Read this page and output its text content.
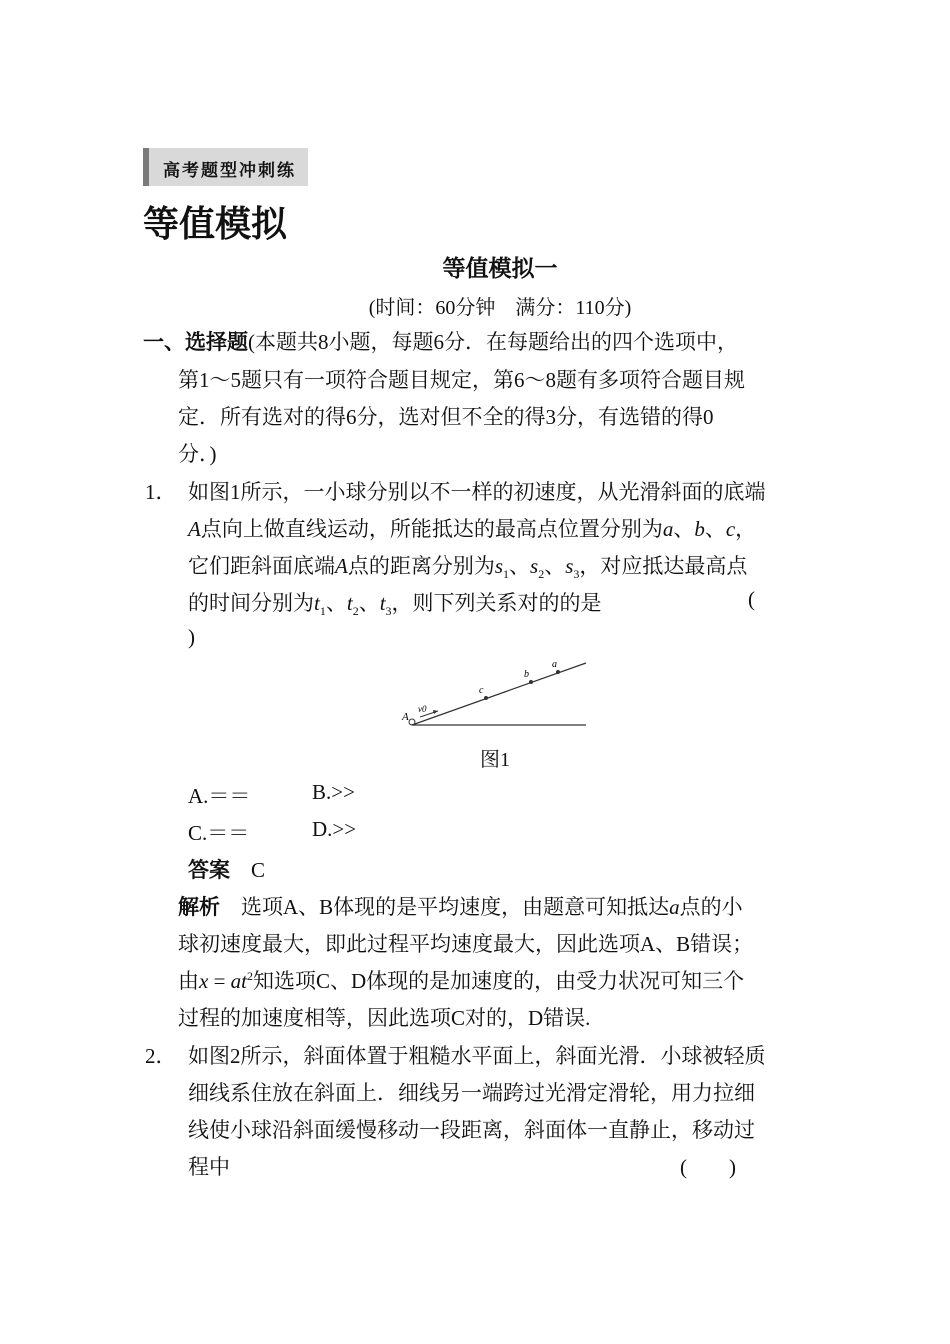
高考题型冲刺练
等值模拟
等值模拟一
(时间：60分钟　满分：110分)
一、选择题(本题共8小题，每题6分．在每题给出的四个选项中，
第1～5题只有一项符合题目规定，第6～8题有多项符合题目规
定．所有选对的得6分，选对但不全的得3分，有选错的得0
分．)
1． 如图1所示，一小球分别以不一样的初速度，从光滑斜面的底端
A点向上做直线运动，所能抵达的最高点位置分别为a、b、c，
它们距斜面底端A点的距离分别为$s_1$、$s_2$、$s_3$，对应抵达最高点
的时间分别为$t_1$、$t_2$、$t_3$，则下列关系对的的是	(
)
A
v0
c
b
a
图1
A.＝＝	B.>>
C.＝＝	D.>>
答案　 C
解析　 选项A、B体现的是平均速度，由题意可知抵达a点的小
球初速度最大，即此过程平均速度最大，因此选项A、B错误；
由$x = at^2$知选项C、D体现的是加速度的，由受力状况可知三个
过程的加速度相等，因此选项C对的，D错误.
2． 如图2所示，斜面体置于粗糙水平面上，斜面光滑．小球被轻质
细线系住放在斜面上．细线另一端跨过光滑定滑轮，用力拉细
线使小球沿斜面缓慢移动一段距离，斜面体一直静止，移动过
程中	(　　)
